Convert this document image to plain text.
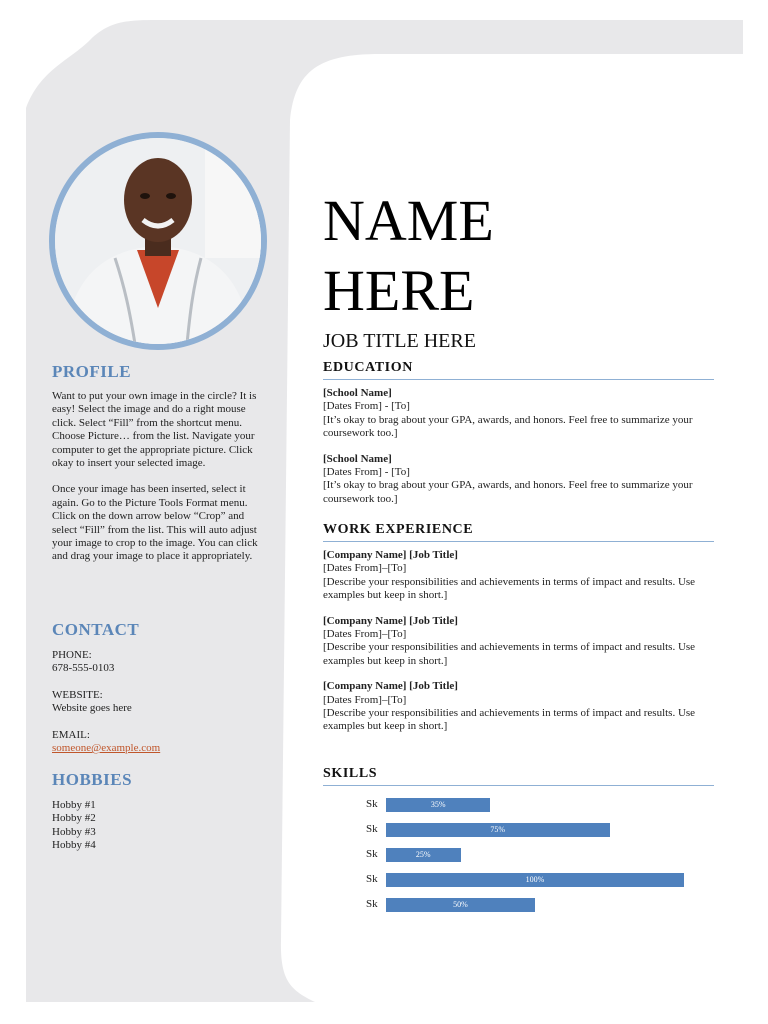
PROFILE

Want to put your own image in the circle? It is easy! Select the image and do a right mouse click. Select “Fill” from the shortcut menu. Choose Picture… from the list. Navigate your computer to get the appropriate picture. Click okay to insert your selected image.

Once your image has been inserted, select it again. Go to the Picture Tools Format menu. Click on the down arrow below “Crop” and select “Fill” from the list. This will auto adjust your image to crop to the image. You can click and drag your image to place it appropriately.

CONTACT
PHONE:
678-555-0103
WEBSITE:
Website goes here
EMAIL:
someone@example.com
HOBBIES
Hobby #1
Hobby #2
Hobby #3
Hobby #4
NAME
HERE
JOB TITLE HERE
EDUCATION
[School Name]
[Dates From] - [To]
[It’s okay to brag about your GPA, awards, and honors. Feel free to summarize your coursework too.]
[School Name]
[Dates From] - [To]
[It’s okay to brag about your GPA, awards, and honors. Feel free to summarize your coursework too.]
WORK EXPERIENCE
[Company Name] [Job Title]
[Dates From]–[To]
[Describe your responsibilities and achievements in terms of impact and results. Use examples but keep in short.]
[Company Name] [Job Title]
[Dates From]–[To]
[Describe your responsibilities and achievements in terms of impact and results. Use examples but keep in short.]
[Company Name] [Job Title]
[Dates From]–[To]
[Describe your responsibilities and achievements in terms of impact and results. Use examples but keep in short.]
SKILLS
Sk	35%
Sk	75%
Sk	25%
Sk	100%
Sk	50%
